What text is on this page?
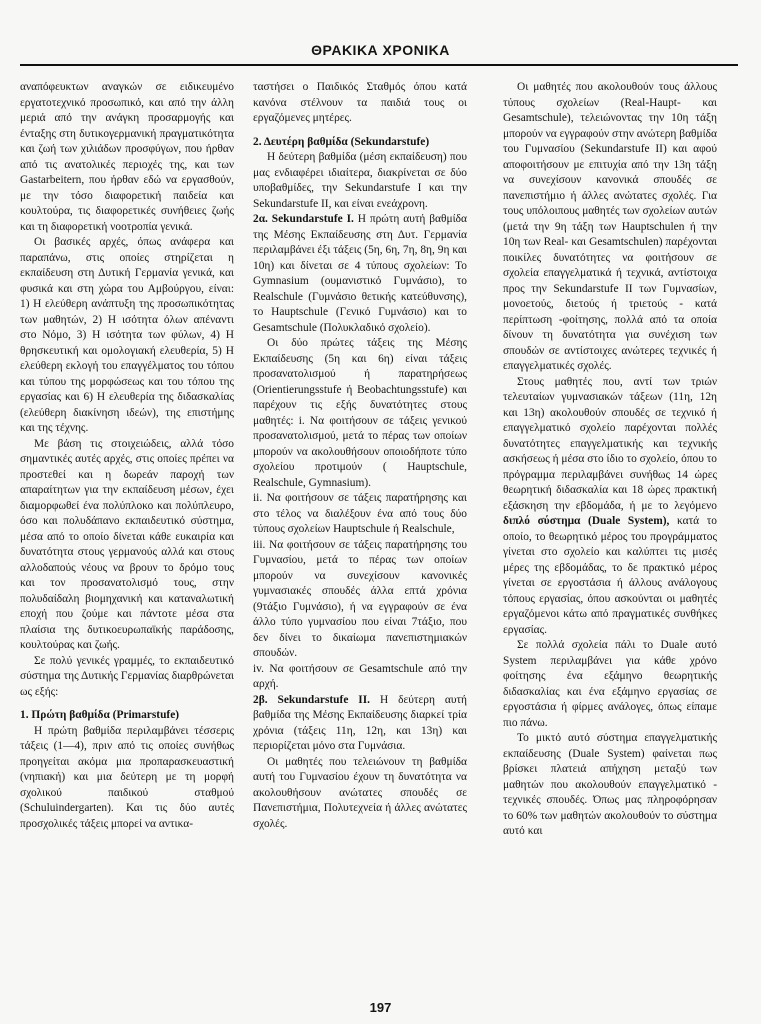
ΘΡΑΚΙΚΑ ΧΡΟΝΙΚΑ

αναπόφευκτων αναγκών σε ειδικευμένο εργατοτεχνικό προσωπικό, και από την άλλη μεριά από την ανάγκη προσαρμογής και ένταξης στη δυτικογερμανική πραγματικότητα και ζωή των χιλιάδων προσφύγων, που ήρθαν από τις ανατολικές περιοχές της, και των Gastarbeitern, που ήρθαν εδώ να εργασθούν, με την τόσο διαφορετική παιδεία και κουλτούρα, τις διαφορετικές συνήθειες ζωής και τη διαφορετική νοοτροπία γενικά.

Οι βασικές αρχές, όπως ανάφερα και παραπάνω, στις οποίες στηρίζεται η εκπαίδευση στη Δυτική Γερμανία γενικά, και φυσικά και στη χώρα του Αμβούργου, είναι: 1) Η ελεύθερη ανάπτυξη της προσωπικότητας των μαθητών, 2) Η ισότητα όλων απέναντι στο Νόμο, 3) Η ισότητα των φύλων, 4) Η θρησκευτική και ομολογιακή ελευθερία, 5) Η ελεύθερη εκλογή του επαγγέλματος του τόπου και τύπου της μορφώσεως και του τόπου της εργασίας και 6) Η ελευθερία της διδασκαλίας (ελεύθερη διακίνηση ιδεών), της επιστήμης και της τέχνης.

Με βάση τις στοιχειώδεις, αλλά τόσο σημαντικές αυτές αρχές, στις οποίες πρέπει να προστεθεί και η δωρεάν παροχή των απαραίτητων για την εκπαίδευση μέσων, έχει διαμορφωθεί ένα πολύπλοκο και πολύπλευρο, όσο και πολυδάπανο εκπαιδευτικό σύστημα, μέσα από το οποίο δίνεται κάθε ευκαιρία και δυνατότητα στους γερμανούς αλλά και στους αλλοδαπούς νέους να βρουν το δρόμο τους και τον προσανατολισμό τους, στην πολυδαίδαλη βιομηχανική και καταναλωτική εποχή που ζούμε και πάντοτε μέσα στα πλαίσια της δυτικοευρωπαϊκής παράδοσης, κουλτούρας και ζωής.

Σε πολύ γενικές γραμμές, το εκπαιδευτικό σύστημα της Δυτικής Γερμανίας διαρθρώνεται ως εξής:

1. Πρώτη βαθμίδα (Primarstufe)

Η πρώτη βαθμίδα περιλαμβάνει τέσσερις τάξεις (1—4), πριν από τις οποίες συνήθως προηγείται ακόμα μια προπαρασκευαστική (νηπιακή) και μια δεύτερη με τη μορφή σχολικού παιδικού σταθμού (Schuluindergarten). Και τις δύο αυτές προσχολικές τάξεις μπορεί να αντικα-

ταστήσει ο Παιδικός Σταθμός όπου κατά κανόνα στέλνουν τα παιδιά τους οι εργαζόμενες μητέρες.

2. Δευτέρη βαθμίδα (Sekundarstufe)

Η δεύτερη βαθμίδα (μέση εκπαίδευση) που μας ενδιαφέρει ιδιαίτερα, διακρίνεται σε δύο υποβαθμίδες, την Sekundarstufe I και την Sekundarstufe II, και είναι ενεάχρονη.

2α. Sekundarstufe I. Η πρώτη αυτή βαθμίδα της Μέσης Εκπαίδευσης στη Δυτ. Γερμανία περιλαμβάνει έξι τάξεις (5η, 6η, 7η, 8η, 9η και 10η) και δίνεται σε 4 τύπους σχολείων: Το Gymnasium (ουμανιστικό Γυμνάσιο), το Realschule (Γυμνάσιο θετικής κατεύθυνσης), το Hauptschule (Γενικό Γυμνάσιο) και το Gesamtschule (Πολυκλαδικό σχολείο).

Οι δύο πρώτες τάξεις της Μέσης Εκπαίδευσης (5η και 6η) είναι τάξεις προσανατολισμού ή παρατηρήσεως (Orientierungsstufe ή Beobachtungsstufe) και παρέχουν τις εξής δυνατότητες στους μαθητές: i. Να φοιτήσουν σε τάξεις γενικού προσανατολισμού, μετά το πέρας των οποίων μπορούν να ακολουθήσουν οποιοδήποτε τύπο σχολείου προτιμούν ( Hauptschule, Realschule, Gymnasium).

ii. Να φοιτήσουν σε τάξεις παρατήρησης και στο τέλος να διαλέξουν ένα από τους δύο τύπους σχολείων Hauptschule ή Realschule,

iii. Να φοιτήσουν σε τάξεις παρατήρησης του Γυμνασίου, μετά το πέρας των οποίων μπορούν να συνεχίσουν κανονικές γυμνασιακές σπουδές άλλα επτά χρόνια (9τάξιο Γυμνάσιο), ή να εγγραφούν σε ένα άλλο τύπο γυμνασίου που είναι 7τάξιο, που δεν δίνει το δικαίωμα πανεπιστημιακών σπουδών.

iv. Να φοιτήσουν σε Gesamtschule από την αρχή.

2β. Sekundarstufe II. Η δεύτερη αυτή βαθμίδα της Μέσης Εκπαίδευσης διαρκεί τρία χρόνια (τάξεις 11η, 12η, και 13η) και περιορίζεται μόνο στα Γυμνάσια.

Οι μαθητές που τελειώνουν τη βαθμίδα αυτή του Γυμνασίου έχουν τη δυνατότητα να ακολουθήσουν ανώτατες σπουδές σε Πανεπιστήμια, Πολυτεχνεία ή άλλες ανώτατες σχολές.

Οι μαθητές που ακολουθούν τους άλλους τύπους σχολείων (Real-Haupt- και Gesamtschule), τελειώνοντας την 10η τάξη μπορούν να εγγραφούν στην ανώτερη βαθμίδα του Γυμνασίου (Sekundarstufe II) και αφού αποφοιτήσουν με επιτυχία από την 13η τάξη να συνεχίσουν κανονικά σπουδές σε πανεπιστήμιο ή άλλες ανώτατες σχολές. Για τους υπόλοιπους μαθητές των σχολείων αυτών (μετά την 9η τάξη των Hauptschulen ή την 10η των Real- και Gesamtschulen) παρέχονται ποικίλες δυνατότητες να φοιτήσουν σε σχολεία επαγγελματικά ή τεχνικά, αντίστοιχα προς την Sekundarstufe II των Γυμνασίων, μονοετούς, διετούς ή τριετούς - κατά περίπτωση -φοίτησης, πολλά από τα οποία δίνουν τη δυνατότητα για συνέχιση των σπουδών σε αντίστοιχες ανώτερες τεχνικές ή επαγγελματικές σχολές.

Στους μαθητές που, αντί των τριών τελευταίων γυμνασιακών τάξεων (11η, 12η και 13η) ακολουθούν σπουδές σε τεχνικό ή επαγγελματικό σχολείο παρέχονται πολλές δυνατότητες επαγγελματικής και τεχνικής ασκήσεως ή μέσα στο ίδιο το σχολείο, όπου το πρόγραμμα περιλαμβάνει συνήθως 14 ώρες θεωρητική διδασκαλία και 18 ώρες πρακτική εξάσκηση την εβδομάδα, ή με το λεγόμενο διπλό σύστημα (Duale System), κατά το οποίο, το θεωρητικό μέρος του προγράμματος γίνεται στο σχολείο και καλύπτει τις μισές μέρες της εβδομάδας, το δε πρακτικό μέρος γίνεται σε εργοστάσια ή άλλους ανάλογους τόπους εργασίας, όπου ασκούνται οι μαθητές εργαζόμενοι κάτω από πραγματικές συνθήκες εργασίας.

Σε πολλά σχολεία πάλι το Duale αυτό System περιλαμβάνει για κάθε χρόνο φοίτησης ένα εξάμηνο θεωρητικής διδασκαλίας και ένα εξάμηνο εργασίας σε εργοστάσια ή φίρμες ανάλογες, όπως είπαμε πιο πάνω.

Το μικτό αυτό σύστημα επαγγελματικής εκπαίδευσης (Duale System) φαίνεται πως βρίσκει πλατειά απήχηση μεταξύ των μαθητών που ακολουθούν επαγγελματικό - τεχνικές σπουδές. Όπως μας πληροφόρησαν το 60% των μαθητών ακολουθούν το σύστημα αυτό και

197
